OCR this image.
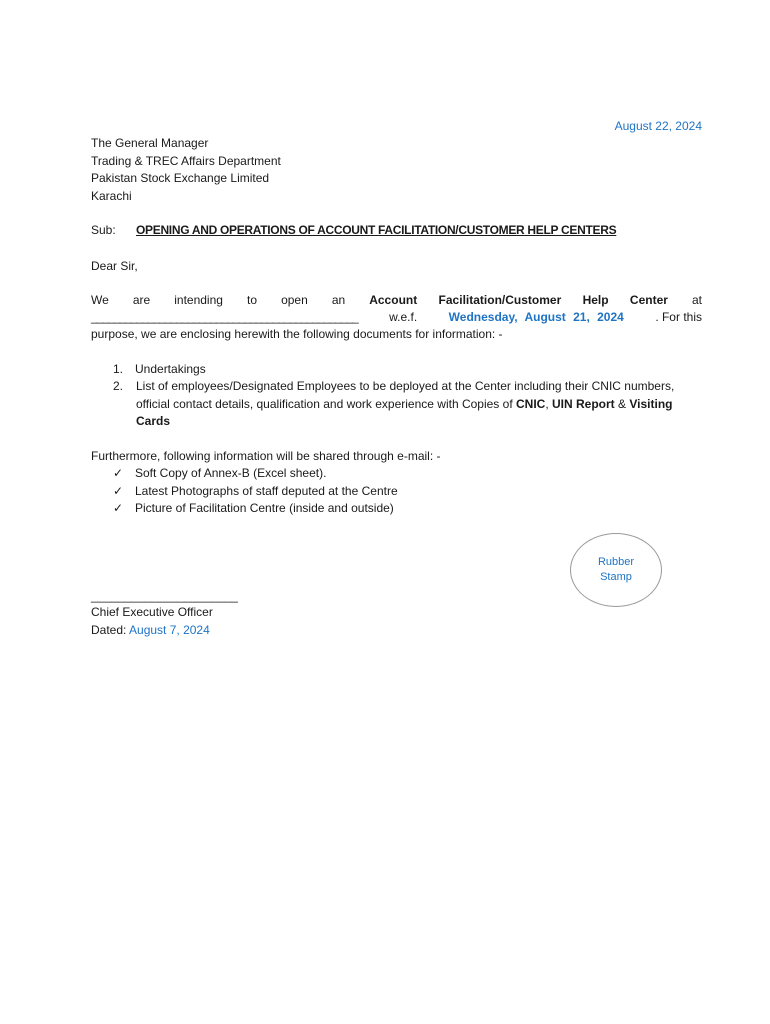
August 22, 2024
The General Manager
Trading & TREC Affairs Department
Pakistan Stock Exchange Limited
Karachi
Sub: OPENING AND OPERATIONS OF ACCOUNT FACILITATION/CUSTOMER HELP CENTERS
Dear Sir,
We are intending to open an Account Facilitation/Customer Help Center at
_______________________________________________	w.e.f.	Wednesday, August 21, 2024	. For this
purpose, we are enclosing herewith the following documents for information: -
1. Undertakings
2.	List of employees/Designated Employees to be deployed at the Center including their CNIC numbers, official contact details, qualification and work experience with Copies of CNIC, UIN Report & Visiting Cards
Furthermore, following information will be shared through e-mail: -
✓ Soft Copy of Annex-B (Excel sheet).
✓ Latest Photographs of staff deputed at the Centre
✓ Picture of Facilitation Centre (inside and outside)
Rubber Stamp
______________________
Chief Executive Officer
Dated: August 7, 2024
